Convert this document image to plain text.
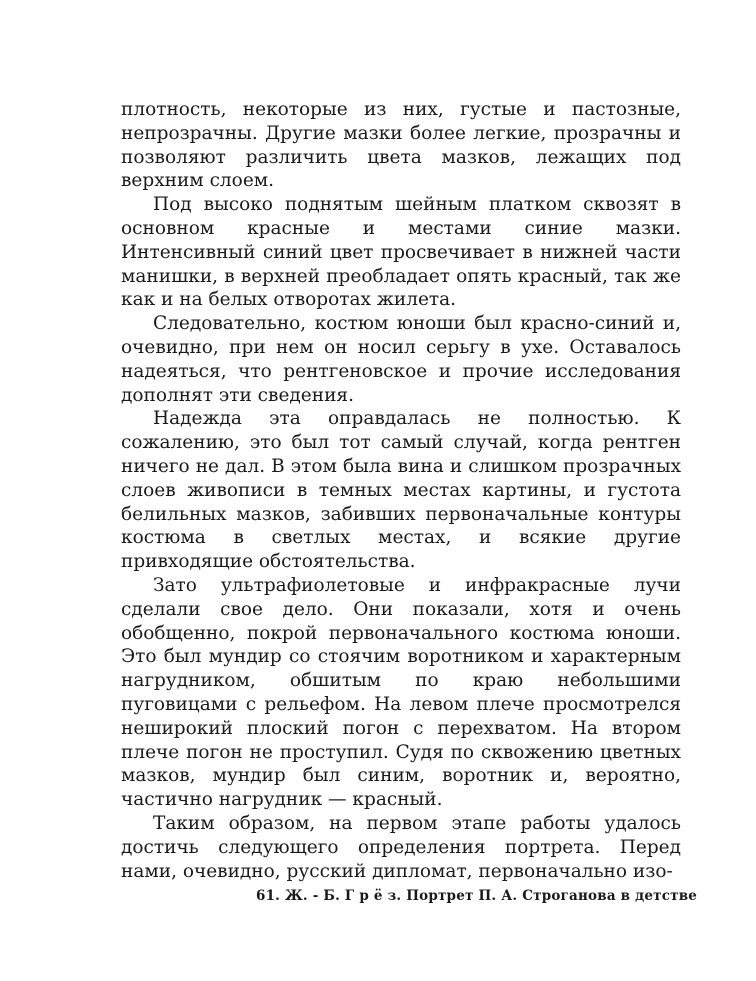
плотность, некоторые из них, густые и пастозные, непрозрачны. Другие мазки более легкие, прозрачны и позволяют различить цвета мазков, лежащих под верхним слоем.

Под высоко поднятым шейным платком сквозят в основном красные и местами синие мазки. Интенсивный синий цвет просвечивает в нижней части манишки, в верхней преобладает опять красный, так же как и на белых отворотах жилета.

Следовательно, костюм юноши был красно-синий и, очевидно, при нем он носил серьгу в ухе. Оставалось надеяться, что рентгеновское и прочие исследования дополнят эти сведения.

Надежда эта оправдалась не полностью. К сожалению, это был тот самый случай, когда рентген ничего не дал. В этом была вина и слишком прозрачных слоев живописи в темных местах картины, и густота белильных мазков, забивших первоначальные контуры костюма в светлых местах, и всякие другие привходящие обстоятельства.

Зато ультрафиолетовые и инфракрасные лучи сделали свое дело. Они показали, хотя и очень обобщенно, покрой первоначального костюма юноши. Это был мундир со стоячим воротником и характерным нагрудником, обшитым по краю небольшими пуговицами с рельефом. На левом плече просмотрелся неширокий плоский погон с перехватом. На втором плече погон не проступил. Судя по сквожению цветных мазков, мундир был синим, воротник и, вероятно, частично нагрудник — красный.

Таким образом, на первом этапе работы удалось достичь следующего определения портрета. Перед нами, очевидно, русский дипломат, первоначально изо-

61. Ж. - Б. Г р ё з. Портрет П. А. Строганова в детстве
